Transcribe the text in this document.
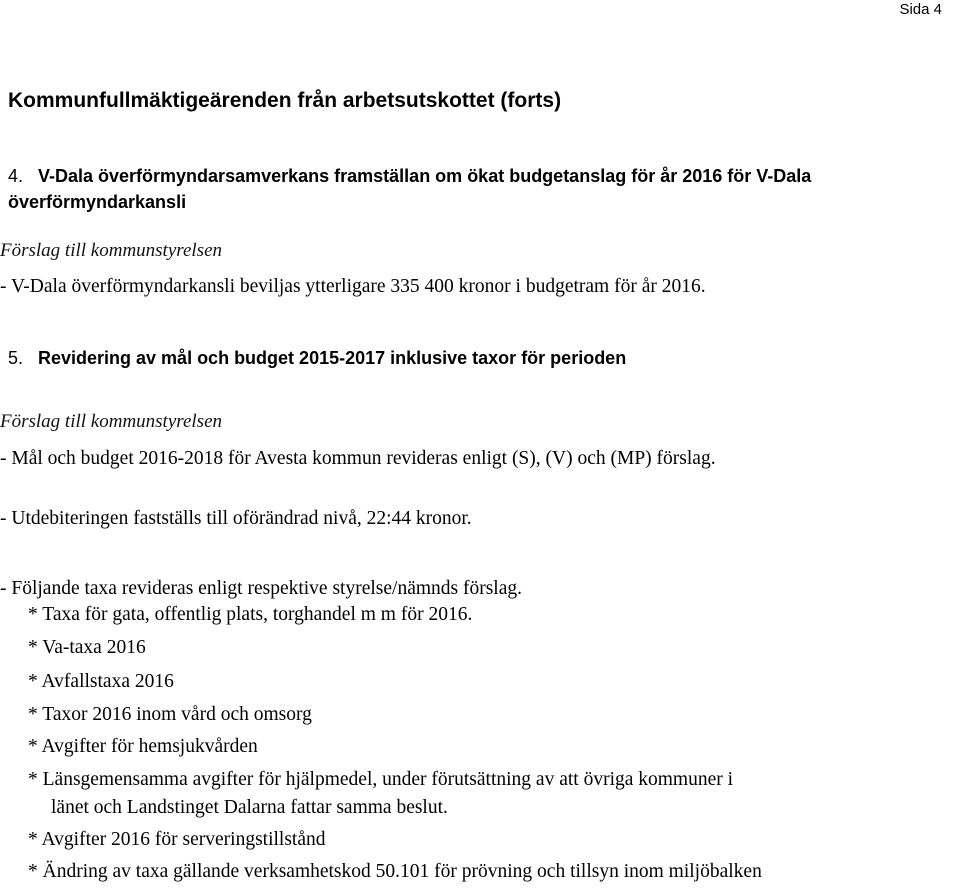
Sida 4
Kommunfullmäktigeärenden från arbetsutskottet (forts)
4. V-Dala överförmyndarsamverkans framställan om ökat budgetanslag för år 2016 för V-Dala
överförmyndarkansli
Förslag till kommunstyrelsen
- V-Dala överförmyndarkansli beviljas ytterligare 335 400 kronor i budgetram för år 2016.
5. Revidering av mål och budget 2015-2017 inklusive taxor för perioden
Förslag till kommunstyrelsen
- Mål och budget 2016-2018 för Avesta kommun revideras enligt (S), (V) och (MP) förslag.
- Utdebiteringen fastställs till oförändrad nivå, 22:44 kronor.
- Följande taxa revideras enligt respektive styrelse/nämnds förslag.
* Taxa för gata, offentlig plats, torghandel m m för 2016.
* Va-taxa 2016
* Avfallstaxa 2016
* Taxor 2016 inom vård och omsorg
* Avgifter för hemsjukvården
* Länsgemensamma avgifter för hjälpmedel, under förutsättning av att övriga kommuner i
länet och Landstinget Dalarna fattar samma beslut.
* Avgifter 2016 för serveringstillstånd
* Ändring av taxa gällande verksamhetskod 50.101 för prövning och tillsyn inom miljöbalken
